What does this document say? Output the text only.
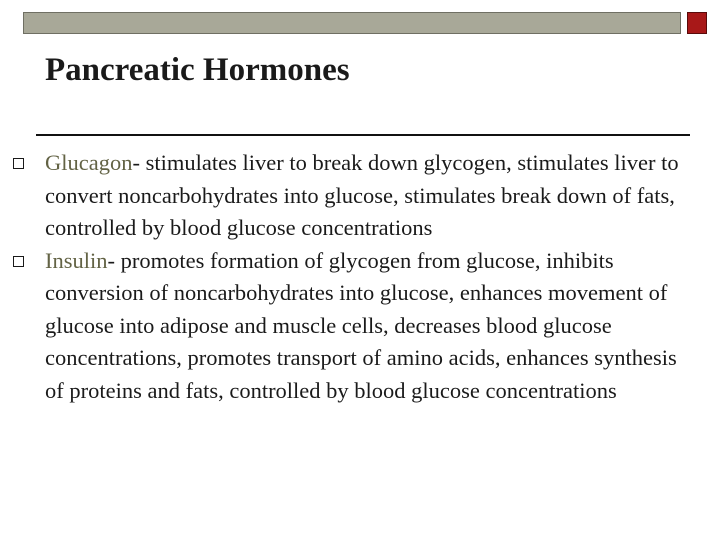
Pancreatic Hormones
Glucagon- stimulates liver to break down glycogen, stimulates liver to convert noncarbohydrates into glucose, stimulates break down of fats, controlled by blood glucose concentrations
Insulin- promotes formation of glycogen from glucose, inhibits conversion of noncarbohydrates into glucose, enhances movement of glucose into adipose and muscle cells, decreases blood glucose concentrations, promotes transport of amino acids, enhances synthesis of proteins and fats, controlled by blood glucose concentrations
